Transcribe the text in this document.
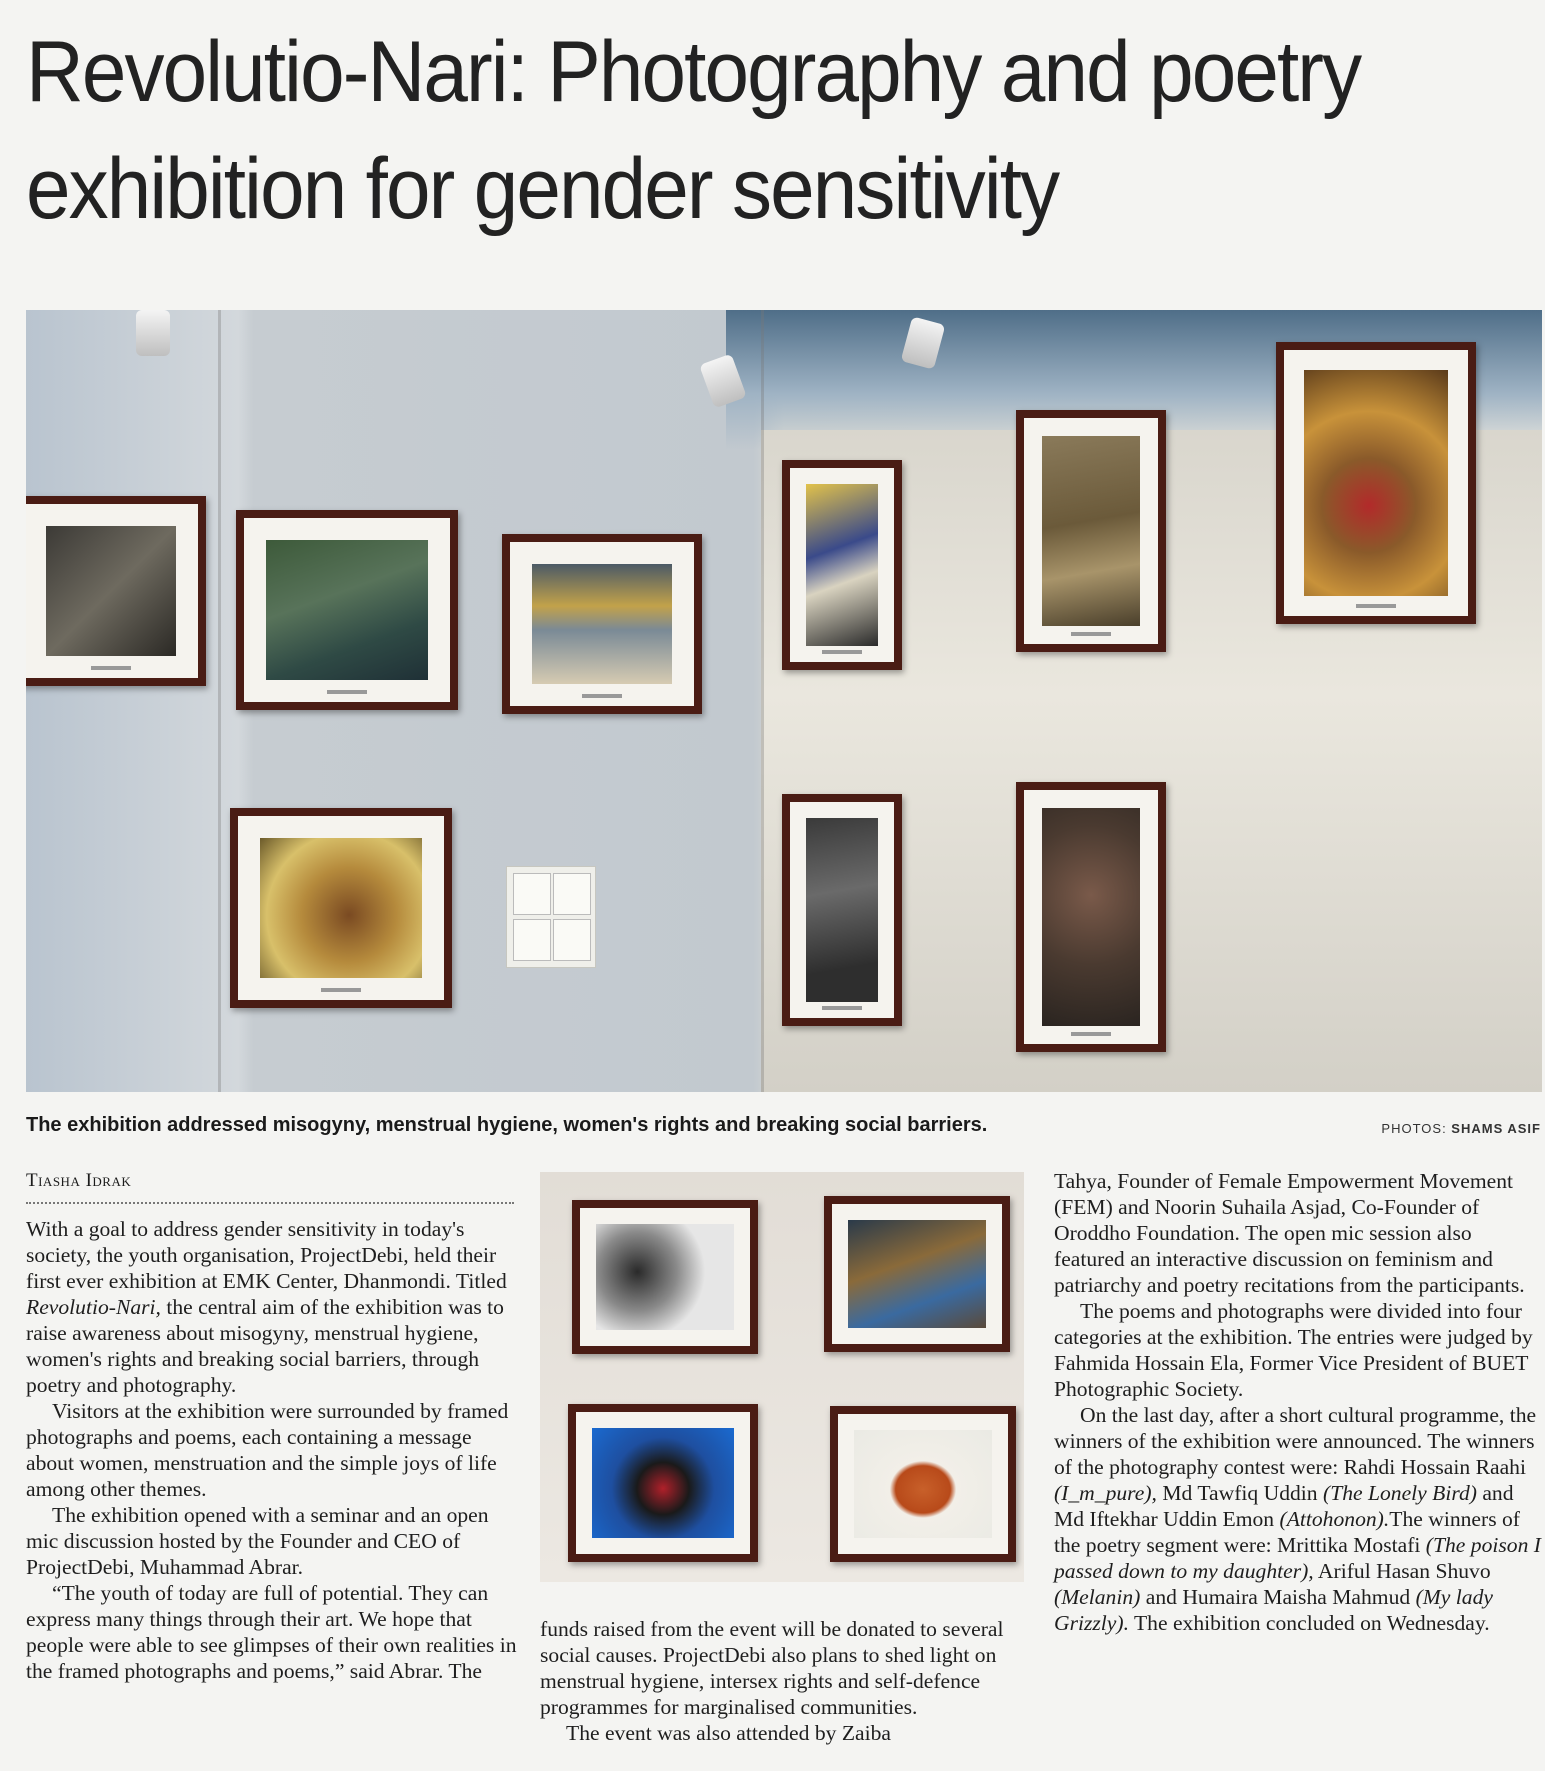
Revolutio-Nari: Photography and poetry
exhibition for gender sensitivity
The exhibition addressed misogyny, menstrual hygiene, women's rights and breaking social barriers.	PHOTOS: SHAMS ASIF
Tiasha Idrak

With a goal to address gender sensitivity in today's society, the youth organisation, ProjectDebi, held their first ever exhibition at EMK Center, Dhanmondi. Titled Revolutio-Nari, the central aim of the exhibition was to raise awareness about misogyny, menstrual hygiene, women's rights and breaking social barriers, through poetry and photography.

Visitors at the exhibition were surrounded by framed photographs and poems, each containing a message about women, menstruation and the simple joys of life among other themes.

The exhibition opened with a seminar and an open mic discussion hosted by the Founder and CEO of ProjectDebi, Muhammad Abrar.

“The youth of today are full of potential. They can express many things through their art. We hope that people were able to see glimpses of their own realities in the framed photographs and poems,” said Abrar. The

funds raised from the event will be donated to several social causes. ProjectDebi also plans to shed light on menstrual hygiene, intersex rights and self-defence programmes for marginalised communities.

The event was also attended by Zaiba

Tahya, Founder of Female Empowerment Movement (FEM) and Noorin Suhaila Asjad, Co-Founder of Oroddho Foundation. The open mic session also featured an interactive discussion on feminism and patriarchy and poetry recitations from the participants.

The poems and photographs were divided into four categories at the exhibition. The entries were judged by Fahmida Hossain Ela, Former Vice President of BUET Photographic Society.

On the last day, after a short cultural programme, the winners of the exhibition were announced. The winners of the photography contest were: Rahdi Hossain Raahi (I_m_pure), Md Tawfiq Uddin (The Lonely Bird) and Md Iftekhar Uddin Emon (Attohonon).The winners of the poetry segment were: Mrittika Mostafi (The poison I passed down to my daughter), Ariful Hasan Shuvo (Melanin) and Humaira Maisha Mahmud (My lady Grizzly). The exhibition concluded on Wednesday.
